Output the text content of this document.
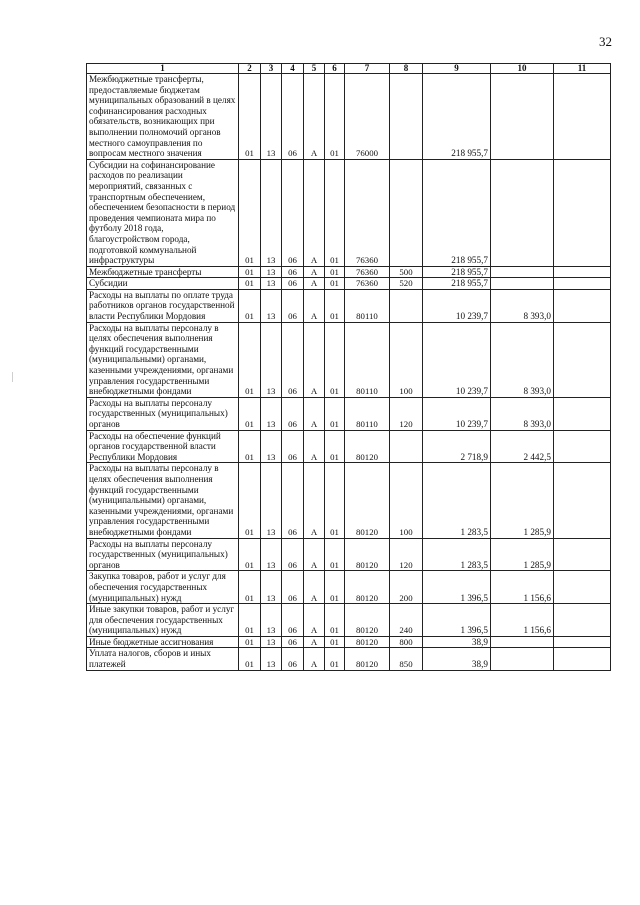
32
1	2	3	4	5	6	7	8	9	10	11
Межбюджетные трансферты, предоставляемые бюджетам муниципальных образований в целях софинансирования расходных обязательств, возникающих при выполнении полномочий органов местного самоуправления по вопросам местного значения	01	13	06	А	01	76000		218 955,7		
Субсидии на софинансирование расходов по реализации мероприятий, связанных с транспортным обеспечением, обеспечением безопасности в период проведения чемпионата мира по футболу 2018 года, благоустройством города, подготовкой коммунальной инфраструктуры	01	13	06	А	01	76360		218 955,7		
Межбюджетные трансферты	01	13	06	А	01	76360	500	218 955,7		
Субсидии	01	13	06	А	01	76360	520	218 955,7		
Расходы на выплаты по оплате труда работников органов государственной власти Республики Мордовия	01	13	06	А	01	80110		10 239,7	8 393,0	
Расходы на выплаты персоналу в целях обеспечения выполнения функций государственными (муниципальными) органами, казенными учреждениями, органами управления государственными внебюджетными фондами	01	13	06	А	01	80110	100	10 239,7	8 393,0	
Расходы на выплаты персоналу государственных (муниципальных) органов	01	13	06	А	01	80110	120	10 239,7	8 393,0	
Расходы на обеспечение функций органов государственной власти Республики Мордовия	01	13	06	А	01	80120		2 718,9	2 442,5	
Расходы на выплаты персоналу в целях обеспечения выполнения функций государственными (муниципальными) органами, казенными учреждениями, органами управления государственными внебюджетными фондами	01	13	06	А	01	80120	100	1 283,5	1 285,9	
Расходы на выплаты персоналу государственных (муниципальных) органов	01	13	06	А	01	80120	120	1 283,5	1 285,9	
Закупка товаров, работ и услуг для обеспечения государственных (муниципальных) нужд	01	13	06	А	01	80120	200	1 396,5	1 156,6	
Иные закупки товаров, работ и услуг для обеспечения государственных (муниципальных) нужд	01	13	06	А	01	80120	240	1 396,5	1 156,6	
Иные бюджетные ассигнования	01	13	06	А	01	80120	800	38,9		
Уплата налогов, сборов и иных платежей	01	13	06	А	01	80120	850	38,9		
